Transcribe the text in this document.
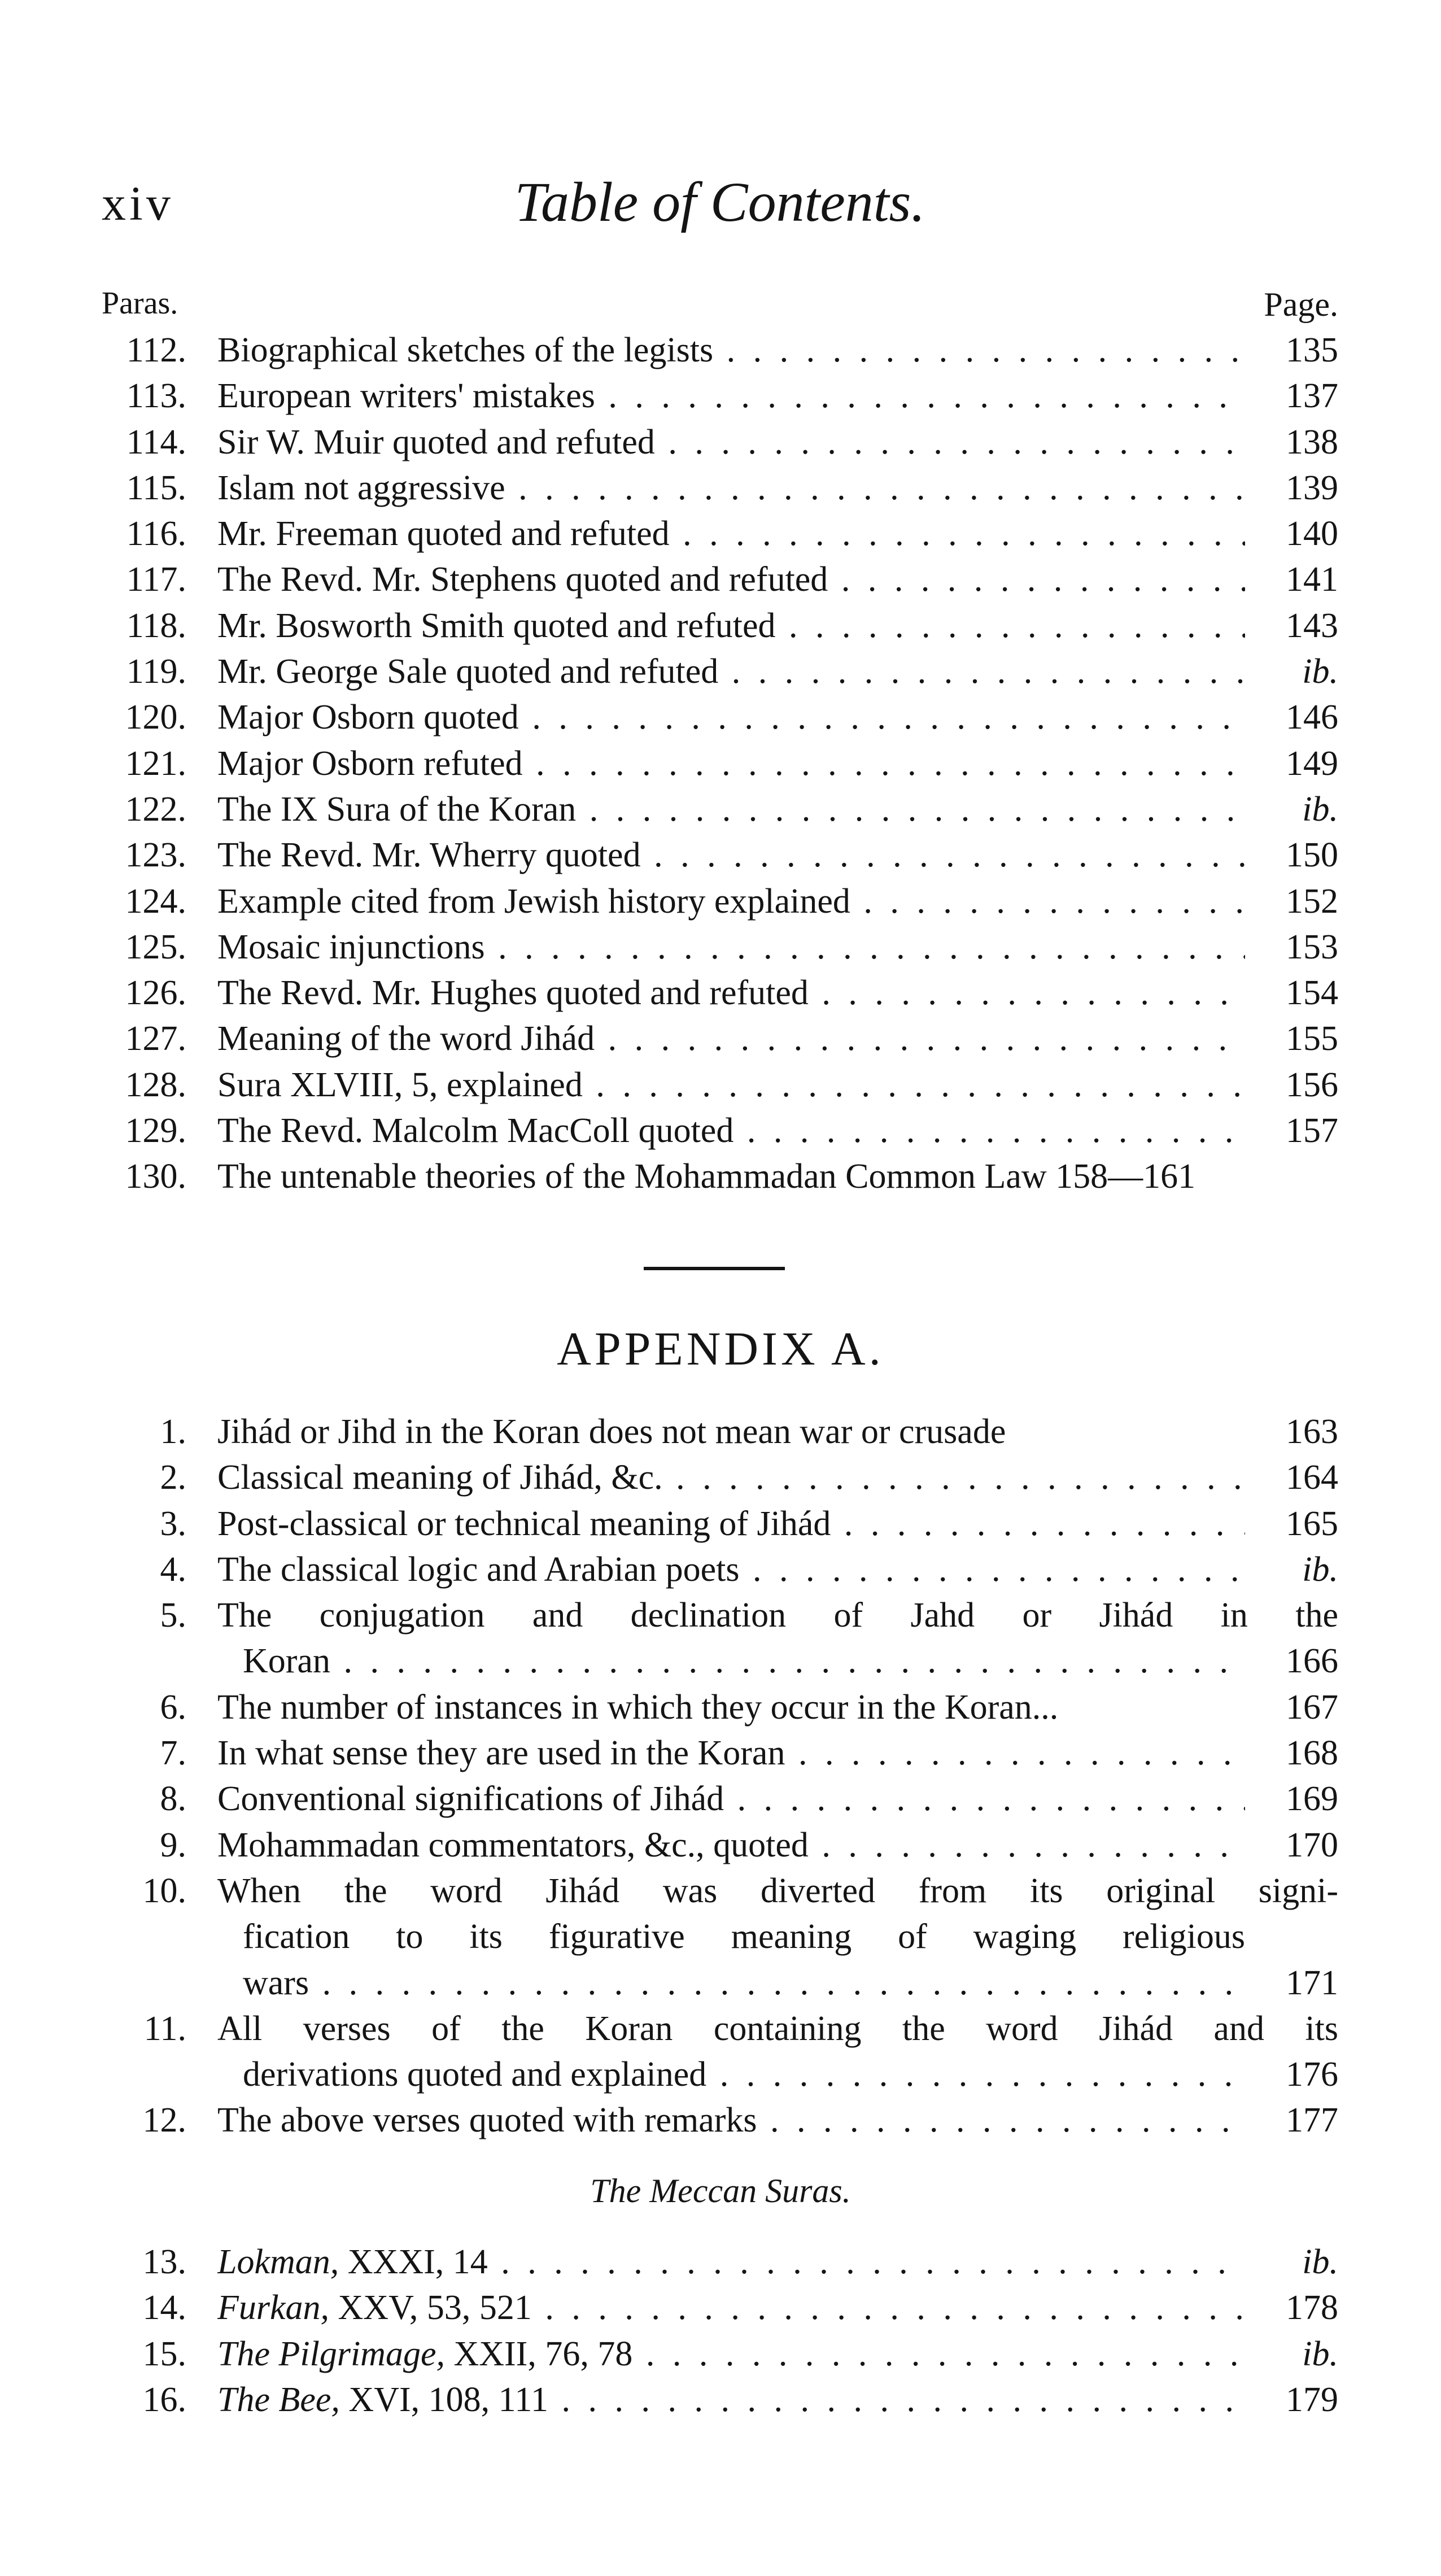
xiv	Table of Contents.
Paras.	Page.
112. Biographical sketches of the legists . . .	135
113. European writers' mistakes . . .	137
114. Sir W. Muir quoted and refuted . . .	138
115. Islam not aggressive . . .	139
116. Mr. Freeman quoted and refuted . . .	140
117. The Revd. Mr. Stephens quoted and refuted . . .	141
118. Mr. Bosworth Smith quoted and refuted . . .	143
119. Mr. George Sale quoted and refuted . . .	ib.
120. Major Osborn quoted . . .	146
121. Major Osborn refuted . . .	149
122. The IX Sura of the Koran . . .	ib.
123. The Revd. Mr. Wherry quoted . . .	150
124. Example cited from Jewish history explained . . .	152
125. Mosaic injunctions . . .	153
126. The Revd. Mr. Hughes quoted and refuted . . .	154
127. Meaning of the word Jihád . . .	155
128. Sura XLVIII, 5, explained . . .	156
129. The Revd. Malcolm MacColl quoted . . .	157
130. The untenable theories of the Mohammadan Common Law 158—161
APPENDIX A.
1. Jihád or Jihd in the Koran does not mean war or crusade	163
2. Classical meaning of Jihád, &c. . . .	164
3. Post-classical or technical meaning of Jihád . . .	165
4. The classical logic and Arabian poets . . .	ib.
5. The conjugation and declination of Jahd or Jihád in the
Koran . . .	166
6. The number of instances in which they occur in the Koran...	167
7. In what sense they are used in the Koran . . .	168
8. Conventional significations of Jihád . . .	169
9. Mohammadan commentators, &c., quoted . . .	170
10. When the word Jihád was diverted from its original signi-
fication to its figurative meaning of waging religious
wars . . .	171
11. All verses of the Koran containing the word Jihád and its
derivations quoted and explained . . .	176
12. The above verses quoted with remarks . . .	177
The Meccan Suras.
13. Lokman, XXXI, 14 . . .	ib.
14. Furkan, XXV, 53, 521 . . .	178
15. The Pilgrimage, XXII, 76, 78 . . .	ib.
16. The Bee, XVI, 108, 111 . . .	179
